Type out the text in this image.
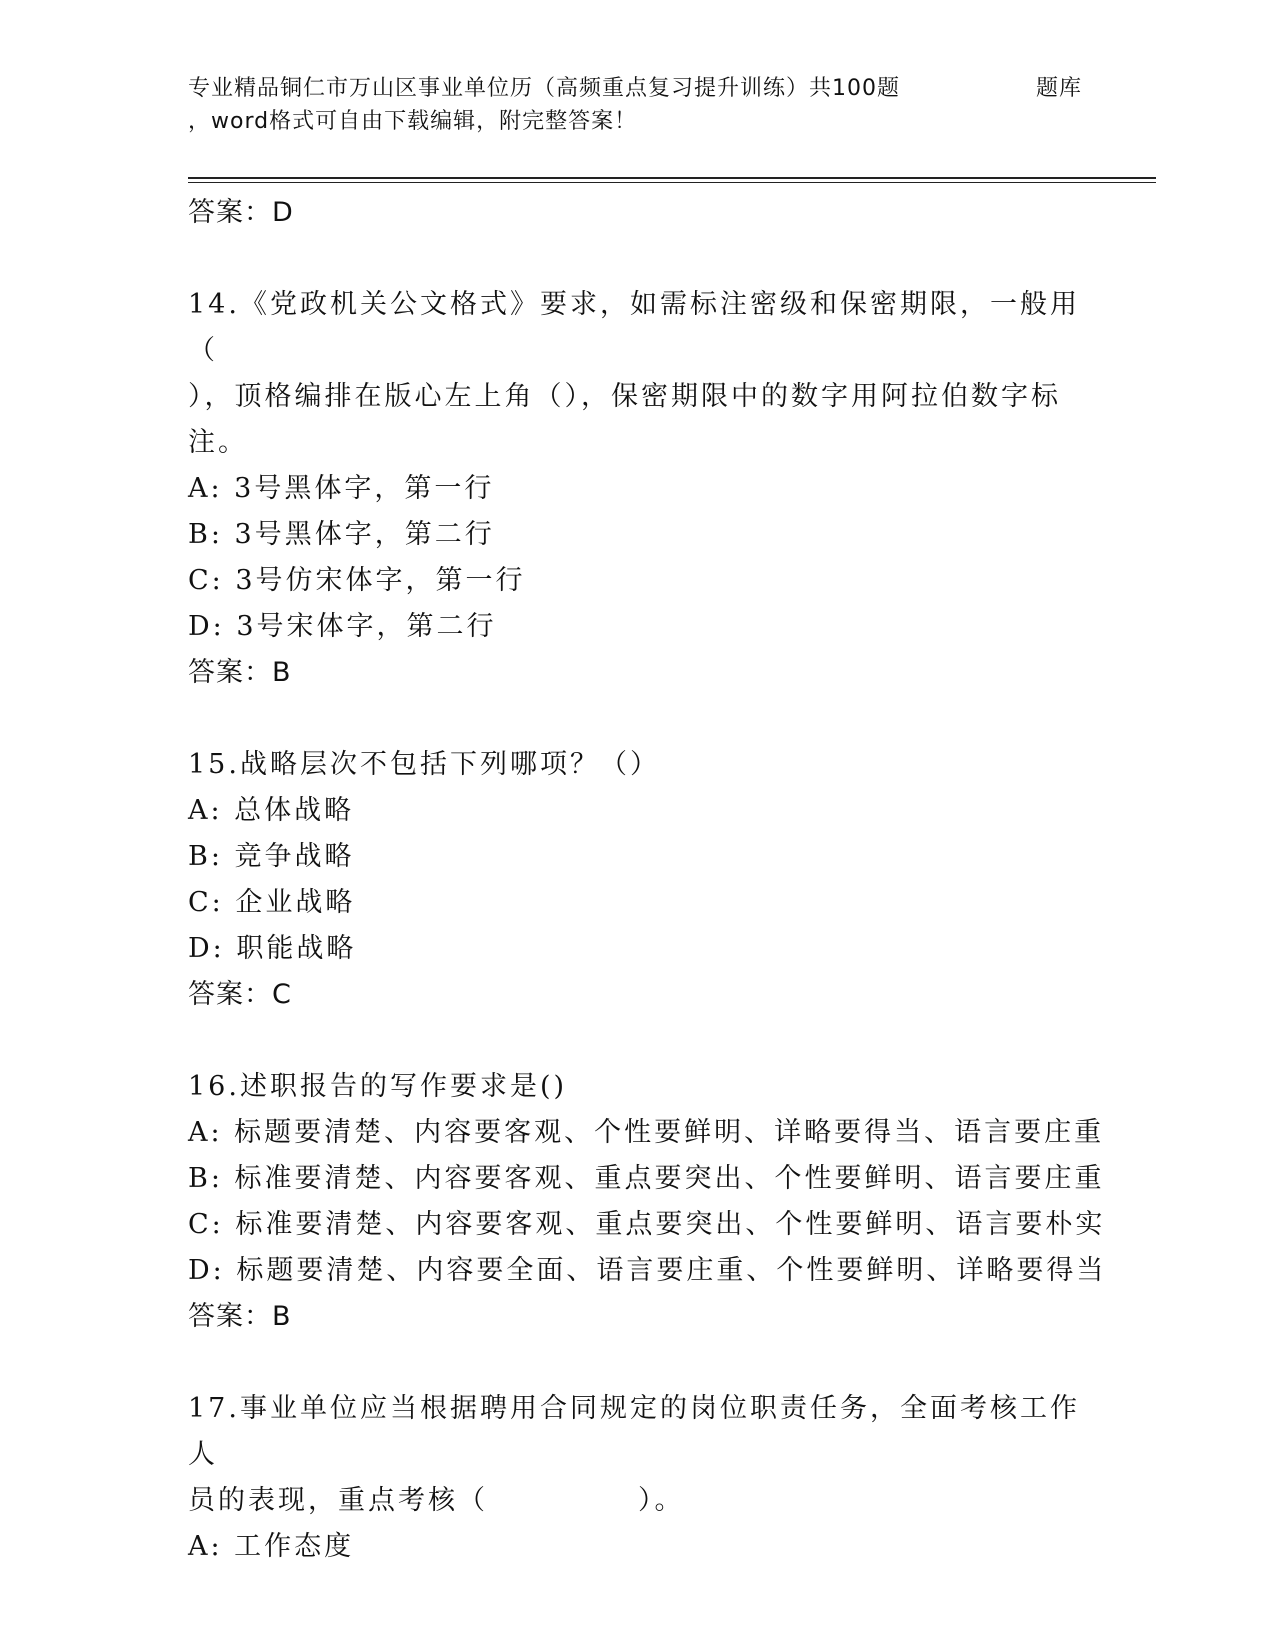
专业精品铜仁市万山区事业单位历（高频重点复习提升训练）共100题	题库
，word格式可自由下载编辑，附完整答案！
答案：D
14.《党政机关公文格式》要求，如需标注密级和保密期限，一般用（
），顶格编排在版心左上角（），保密期限中的数字用阿拉伯数字标
注。
A: 3号黑体字，第一行
B: 3号黑体字，第二行
C: 3号仿宋体字，第一行
D: 3号宋体字，第二行
答案：B
15.战略层次不包括下列哪项？（）
A: 总体战略
B: 竞争战略
C: 企业战略
D: 职能战略
答案：C
16.述职报告的写作要求是()
A: 标题要清楚、内容要客观、个性要鲜明、详略要得当、语言要庄重
B: 标准要清楚、内容要客观、重点要突出、个性要鲜明、语言要庄重
C: 标准要清楚、内容要客观、重点要突出、个性要鲜明、语言要朴实
D: 标题要清楚、内容要全面、语言要庄重、个性要鲜明、详略要得当
答案：B
17.事业单位应当根据聘用合同规定的岗位职责任务，全面考核工作人
员的表现，重点考核（　　　　　）。
A: 工作态度
